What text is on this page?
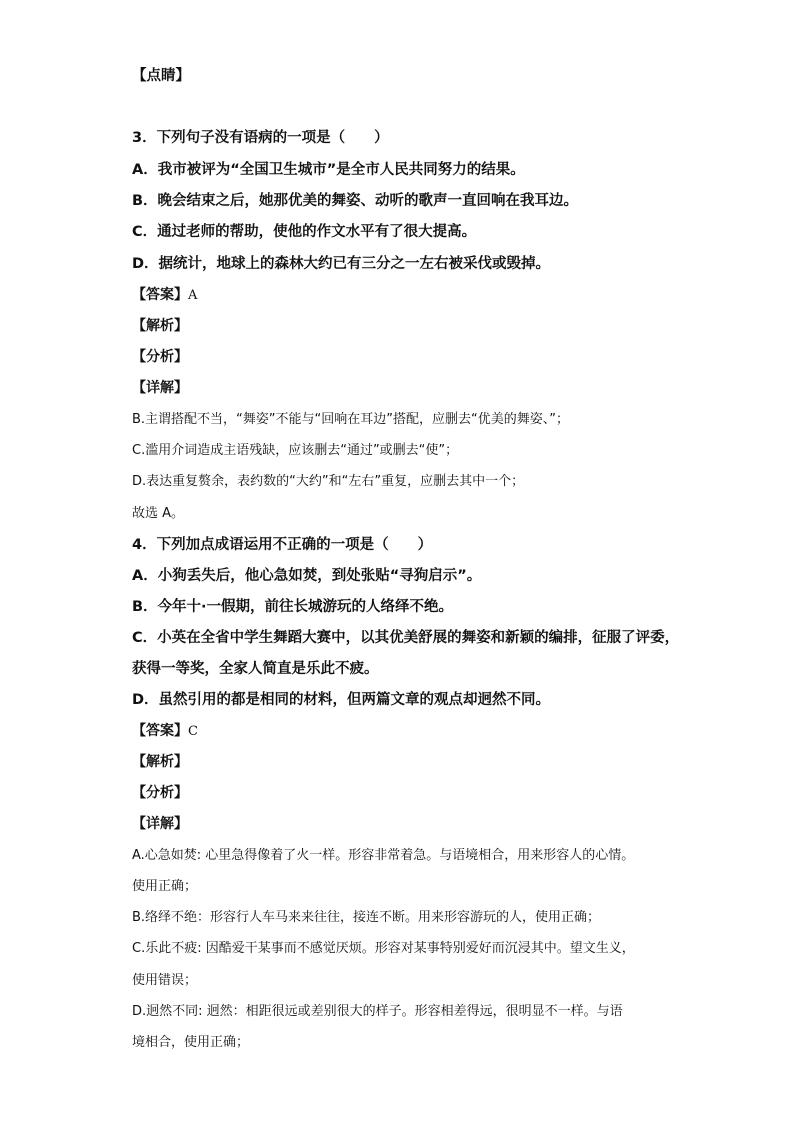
【点睛】
3．下列句子没有语病的一项是（　　）
A．我市被评为“全国卫生城市”是全市人民共同努力的结果。
B．晚会结束之后，她那优美的舞姿、动听的歌声一直回响在我耳边。
C．通过老师的帮助，使他的作文水平有了很大提高。
D．据统计，地球上的森林大约已有三分之一左右被采伐或毁掉。
【答案】A
【解析】
【分析】
【详解】
B.主谓搭配不当，“舞姿”不能与“回响在耳边”搭配，应删去“优美的舞姿、”；
C.滥用介词造成主语残缺，应该删去“通过”或删去“使”；
D.表达重复赘余，表约数的“大约”和“左右”重复，应删去其中一个；
故选 A。
4．下列加点成语运用不正确的一项是（　　）
A．小狗丢失后，他心急如焚，到处张贴“寻狗启示”。
B．今年十·一假期，前往长城游玩的人络绎不绝。
C．小英在全省中学生舞蹈大赛中，以其优美舒展的舞姿和新颖的编排，征服了评委，
获得一等奖，全家人简直是乐此不疲。
D．虽然引用的都是相同的材料，但两篇文章的观点却迥然不同。
【答案】C
【解析】
【分析】
【详解】
A.心急如焚: 心里急得像着了火一样。形容非常着急。与语境相合，用来形容人的心情。
使用正确；
B.络绎不绝：形容行人车马来来往往，接连不断。用来形容游玩的人，使用正确；
C.乐此不疲: 因酷爱干某事而不感觉厌烦。形容对某事特别爱好而沉浸其中。望文生义，
使用错误；
D.迥然不同: 迥然：相距很远或差别很大的样子。形容相差得远，很明显不一样。与语
境相合，使用正确；
